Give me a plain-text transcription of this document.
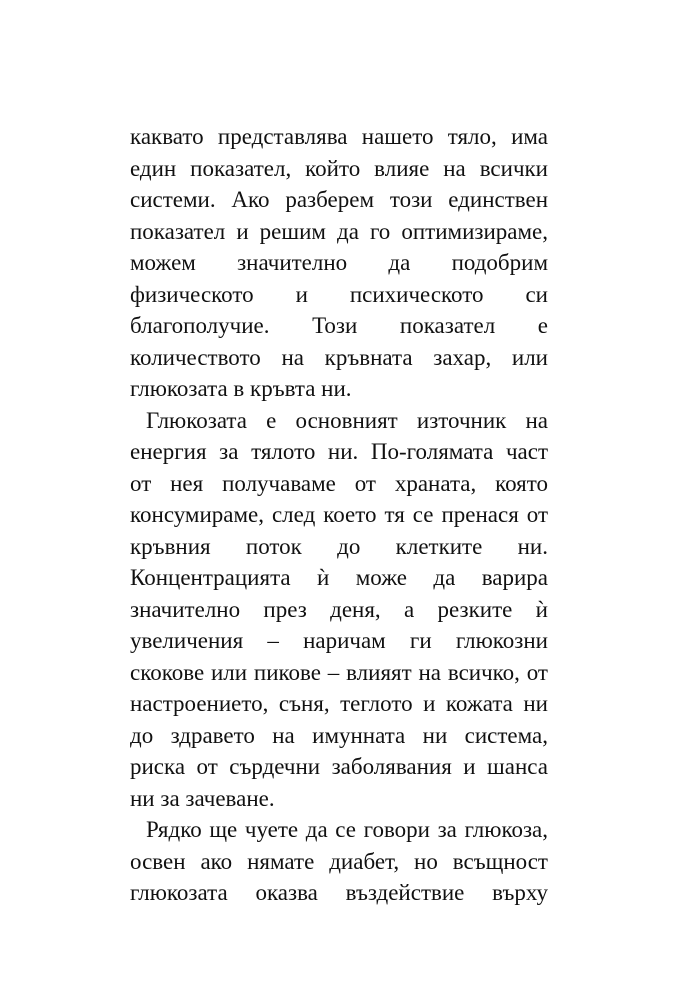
каквато представлява нашето тяло, има
един показател, който влияе на всички
системи. Ако разберем този единствен
показател и решим да го оптимизираме,
можем значително да подобрим
физическото и психическото си
благополучие. Този показател е
количеството на кръвната захар, или
глюкозата в кръвта ни.
Глюкозата е основният източник на
енергия за тялото ни. По-голямата част
от нея получаваме от храната, която
консумираме, след което тя се пренася от
кръвния поток до клетките ни.
Концентрацията ѝ може да варира
значително през деня, а резките ѝ
увеличения – наричам ги глюкозни
скокове или пикове – влияят на всичко, от
настроението, съня, теглото и кожата ни
до здравето на имунната ни система,
риска от сърдечни заболявания и шанса
ни за зачеване.
Рядко ще чуете да се говори за глюкоза,
освен ако нямате диабет, но всъщност
глюкозата оказва въздействие върху
